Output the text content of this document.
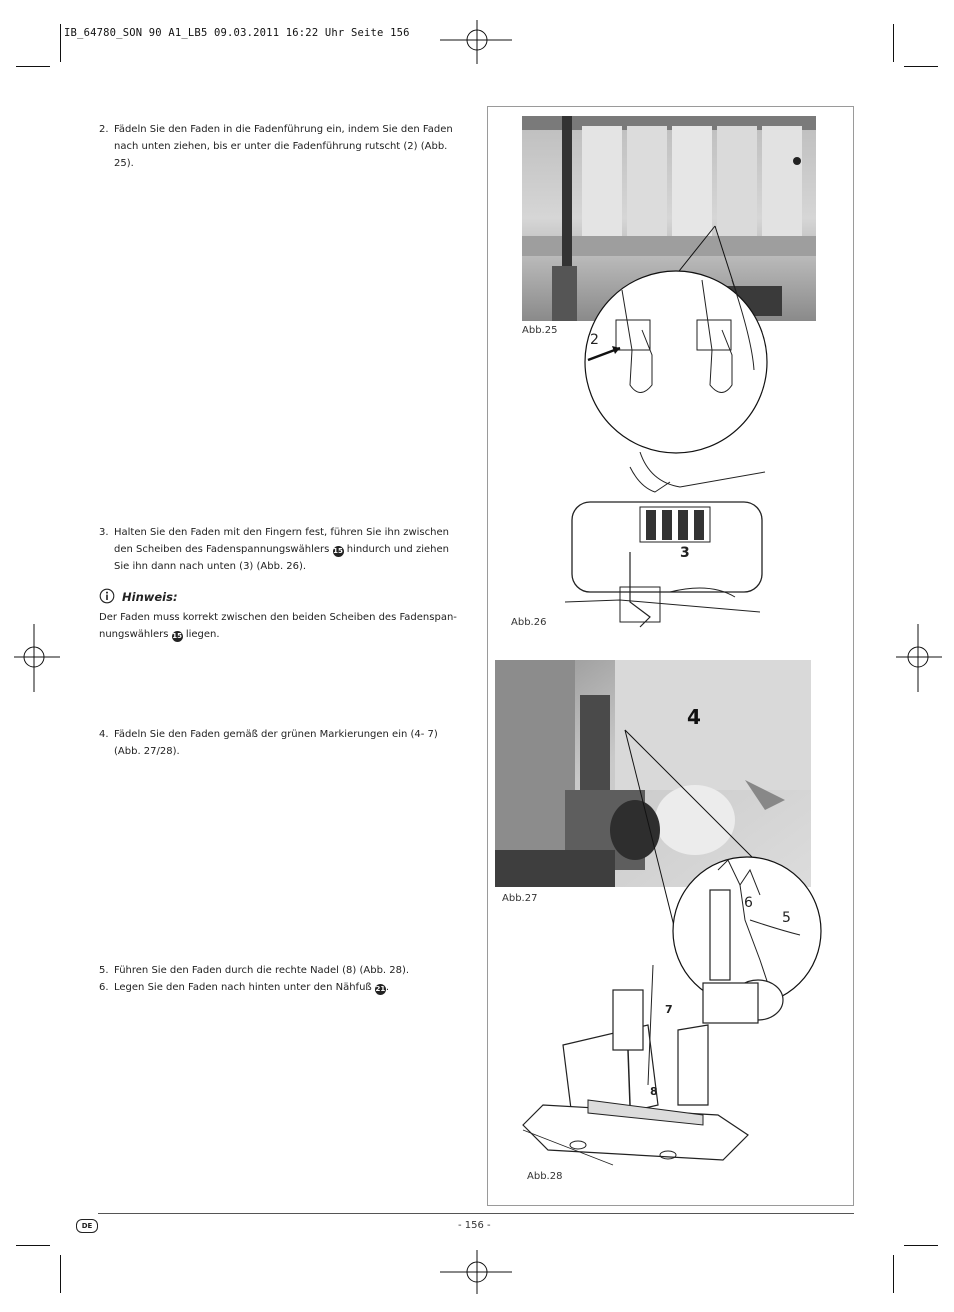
IB_64780_SON 90 A1_LB5 09.03.2011 16:22 Uhr Seite 156
2. Fädeln Sie den Faden in die Fadenführung ein, indem Sie den Faden nach unten ziehen, bis er unter die Fadenführung rutscht (2) (Abb. 25).
3. Halten Sie den Faden mit den Fingern fest, führen Sie ihn zwischen den Scheiben des Fadenspannungswählers 15 hindurch und ziehen Sie ihn dann nach unten (3) (Abb. 26).
Hinweis:
Der Faden muss korrekt zwischen den beiden Scheiben des Fadenspan- nungswählers 15 liegen.
4. Fädeln Sie den Faden gemäß der grünen Markierungen ein (4- 7) (Abb. 27/28).
5. Führen Sie den Faden durch die rechte Nadel (8) (Abb. 28).
6. Legen Sie den Faden nach hinten unter den Nähfuß 21.
Abb.25
2
3
Abb.26
Abb.27
4
6
5
7
8
Abb.28
DE	- 156 -
